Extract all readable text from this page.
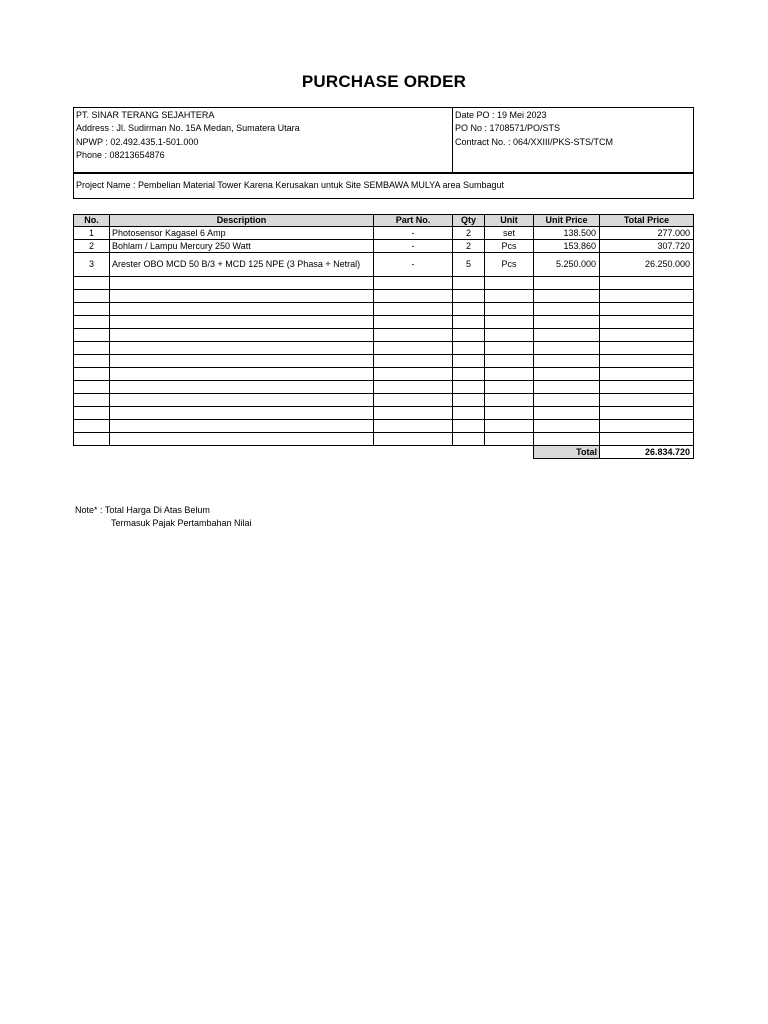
PURCHASE ORDER
PT. SINAR TERANG SEJAHTERA
Address : Jl. Sudirman No. 15A Medan, Sumatera Utara
NPWP : 02.492.435.1-501.000
Phone : 08213654876
Date PO : 19 Mei 2023
PO No : 1708571/PO/STS
Contract No. : 064/XXIII/PKS-STS/TCM
Project Name : Pembelian Material Tower Karena Kerusakan untuk Site SEMBAWA MULYA area Sumbagut
No.	Description	Part No.	Qty	Unit	Unit Price	Total Price
1	Photosensor Kagasel 6 Amp	-	2	set	138.500	277.000
2	Bohlam / Lampu Mercury 250 Watt	-	2	Pcs	153.860	307.720
3	Arester OBO MCD 50 B/3 + MCD 125 NPE (3 Phasa + Netral)	-	5	Pcs	5.250.000	26.250.000

					Total	26.834.720
Note* : Total Harga Di Atas Belum
Termasuk Pajak Pertambahan Nilai
